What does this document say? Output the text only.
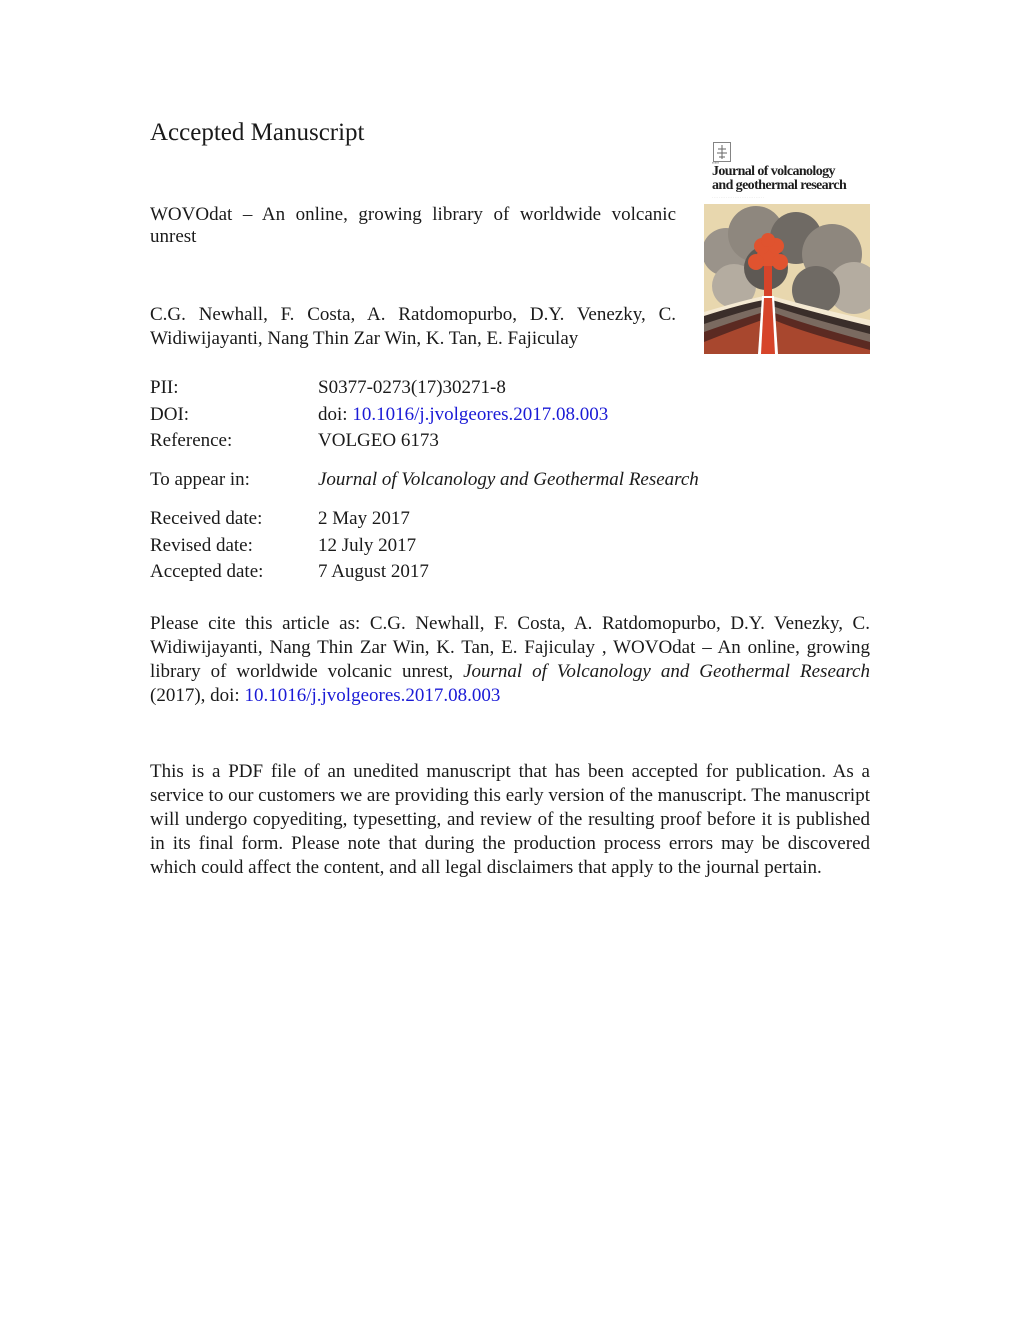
Accepted Manuscript

WOVOdat – An online, growing library of worldwide volcanic unrest

C.G. Newhall, F. Costa, A. Ratdomopurbo, D.Y. Venezky, C. Widiwijayanti, Nang Thin Zar Win, K. Tan, E. Fajiculay

▪▪▪▪▪
Journal of volcanology
and geothermal research
· · · · · · · · · · · · · · · · · · · · · · · · · · · · · ·
PII:	S0377-0273(17)30271-8
DOI:	doi: 10.1016/j.jvolgeores.2017.08.003
Reference:	VOLGEO 6173
To appear in:	Journal of Volcanology and Geothermal Research
Received date:	2 May 2017
Revised date:	12 July 2017
Accepted date:	7 August 2017

Please cite this article as: C.G. Newhall, F. Costa, A. Ratdomopurbo, D.Y. Venezky, C. Widiwijayanti, Nang Thin Zar Win, K. Tan, E. Fajiculay , WOVOdat – An online, growing library of worldwide volcanic unrest, Journal of Volcanology and Geothermal Research (2017), doi: 10.1016/j.jvolgeores.2017.08.003

This is a PDF file of an unedited manuscript that has been accepted for publication. As a service to our customers we are providing this early version of the manuscript. The manuscript will undergo copyediting, typesetting, and review of the resulting proof before it is published in its final form. Please note that during the production process errors may be discovered which could affect the content, and all legal disclaimers that apply to the journal pertain.
